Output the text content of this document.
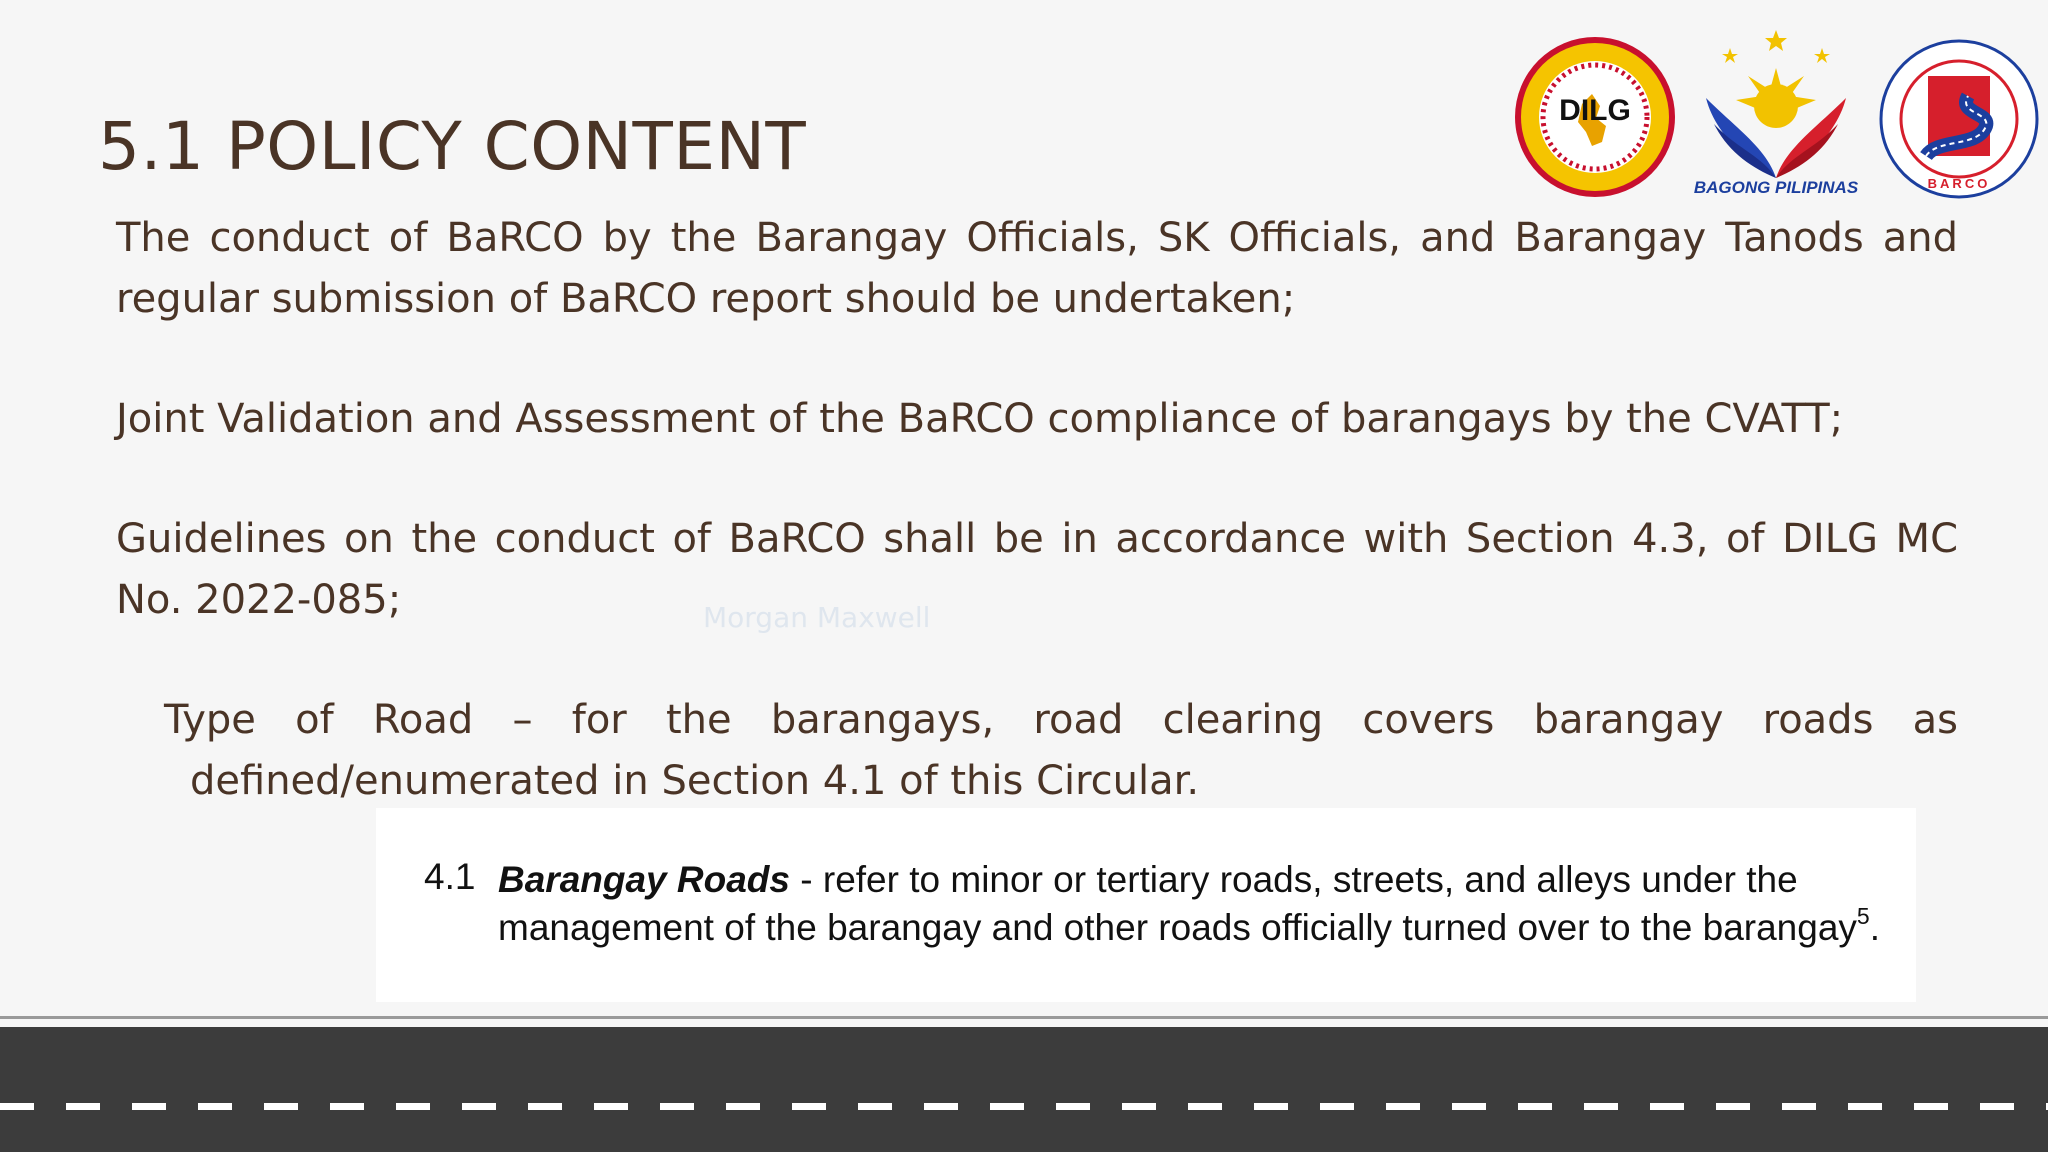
5.1 POLICY CONTENT	DILG
BAGONG PILIPINAS	BARCO

The conduct of BaRCO by the Barangay Officials, SK Officials, and Barangay Tanods and regular submission of BaRCO report should be undertaken;

Joint Validation and Assessment of the BaRCO compliance of barangays by the CVATT;

Guidelines on the conduct of BaRCO shall be in accordance with Section 4.3, of DILG MC No. 2022-085;	Morgan Maxwell

Type of Road – for the barangays, road clearing covers barangay roads as
defined/enumerated in Section 4.1 of this Circular.

4.1 Barangay Roads - refer to minor or tertiary roads, streets, and alleys under the management of the barangay and other roads officially turned over to the barangay$^5$.
